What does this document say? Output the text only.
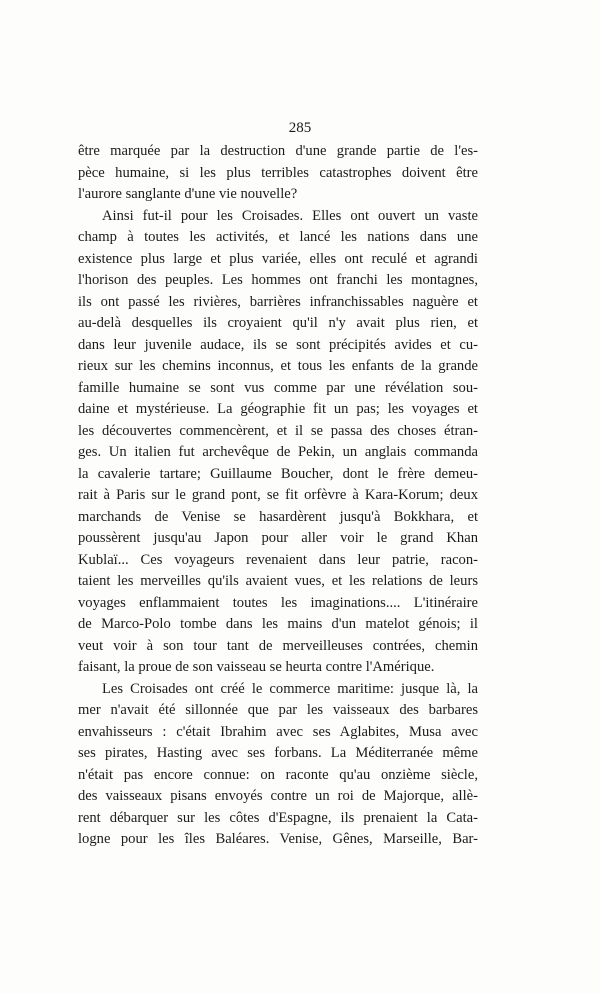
285
être marquée par la destruction d'une grande partie de l'es-
pèce humaine, si les plus terribles catastrophes doivent être
l'aurore sanglante d'une vie nouvelle?
Ainsi fut-il pour les Croisades. Elles ont ouvert un vaste
champ à toutes les activités, et lancé les nations dans une
existence plus large et plus variée, elles ont reculé et agrandi
l'horison des peuples. Les hommes ont franchi les montagnes,
ils ont passé les rivières, barrières infranchissables naguère et
au-delà desquelles ils croyaient qu'il n'y avait plus rien, et
dans leur juvenile audace, ils se sont précipités avides et cu-
rieux sur les chemins inconnus, et tous les enfants de la grande
famille humaine se sont vus comme par une révélation sou-
daine et mystérieuse. La géographie fit un pas; les voyages et
les découvertes commencèrent, et il se passa des choses étran-
ges. Un italien fut archevêque de Pekin, un anglais commanda
la cavalerie tartare; Guillaume Boucher, dont le frère demeu-
rait à Paris sur le grand pont, se fit orfèvre à Kara-Korum; deux
marchands de Venise se hasardèrent jusqu'à Bokkhara, et
poussèrent jusqu'au Japon pour aller voir le grand Khan
Kublaï... Ces voyageurs revenaient dans leur patrie, racon-
taient les merveilles qu'ils avaient vues, et les relations de leurs
voyages enflammaient toutes les imaginations.... L'itinéraire
de Marco-Polo tombe dans les mains d'un matelot génois; il
veut voir à son tour tant de merveilleuses contrées, chemin
faisant, la proue de son vaisseau se heurta contre l'Amérique.
Les Croisades ont créé le commerce maritime: jusque là, la
mer n'avait été sillonnée que par les vaisseaux des barbares
envahisseurs : c'était Ibrahim avec ses Aglabites, Musa avec
ses pirates, Hasting avec ses forbans. La Méditerranée même
n'était pas encore connue: on raconte qu'au onzième siècle,
des vaisseaux pisans envoyés contre un roi de Majorque, allè-
rent débarquer sur les côtes d'Espagne, ils prenaient la Cata-
logne pour les îles Baléares. Venise, Gênes, Marseille, Bar-
